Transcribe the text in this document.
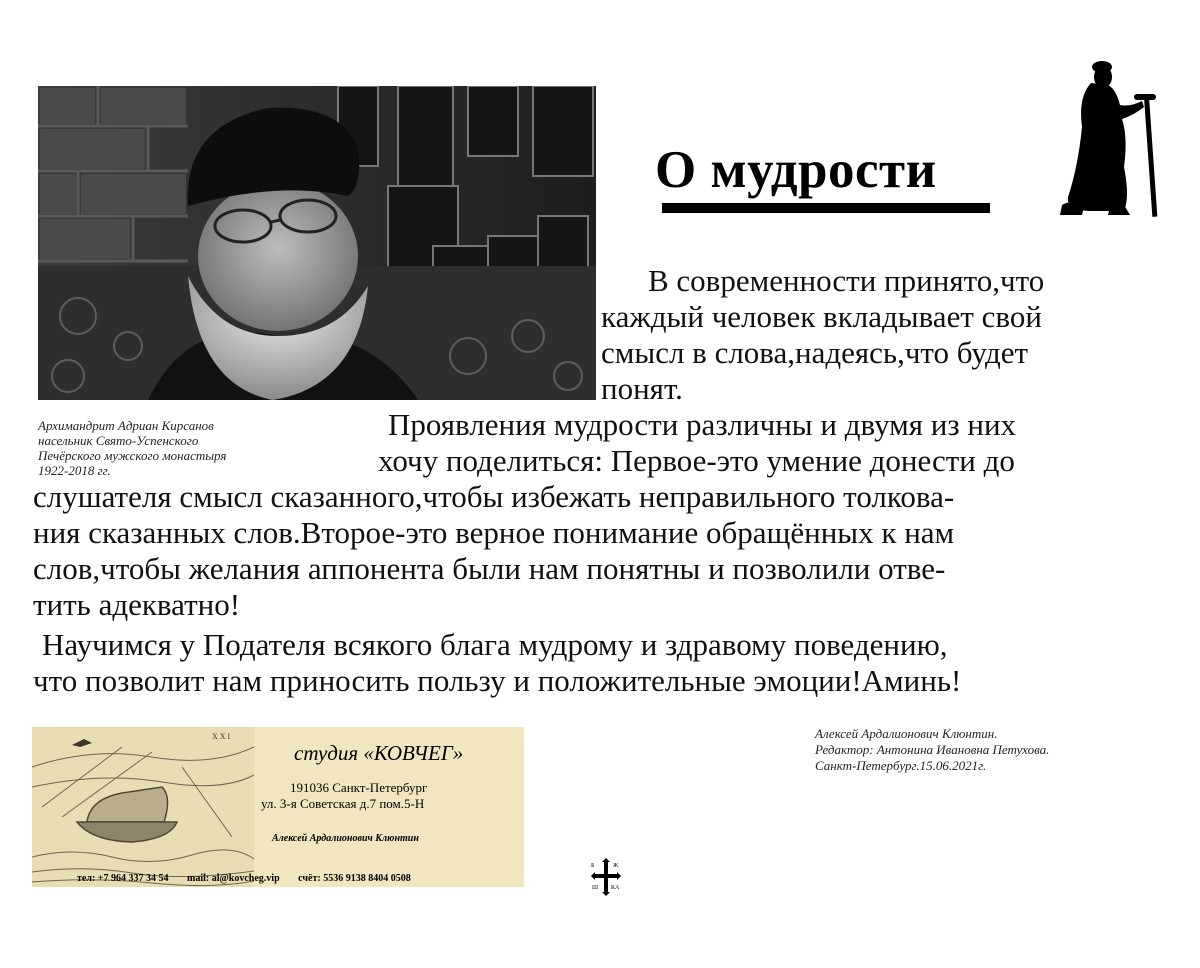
Архимандрит Адриан Кирсанов
насельник Свято-Успенского
Печёрского мужского монастыря
1922-2018 гг.
О мудрости
В современности принято,что
каждый человек вкладывает свой
смысл в слова,надеясь,что будет
понят.
Проявления мудрости различны и двумя из них
хочу поделиться: Первое-это умение донести до
слушателя смысл сказанного,чтобы избежать неправильного толкова-
ния сказанных слов.Второе-это верное понимание обращённых к нам
слов,чтобы желания аппонента были нам понятны и позволили отве-
тить адекватно!
Научимся у Подателя всякого блага мудрому и здравому поведению,
что позволит нам приносить пользу и положительные эмоции!Аминь!
X X I
студия «КОВЧЕГ»
191036 Санкт-Петербург
ул. 3-я Советская д.7 пом.5-Н
Алексей Ардалионович Клюнтин
тел: +7 964 337 34 54 mail: al@kovcheg.vip счёт: 5536 9138 8404 0508
Алексей Ардалионович Клюнтин.
Редактор: Антонина Ивановна Петухова.
Санкт-Петербург.15.06.2021г.
Б	Ж
Ш КА
